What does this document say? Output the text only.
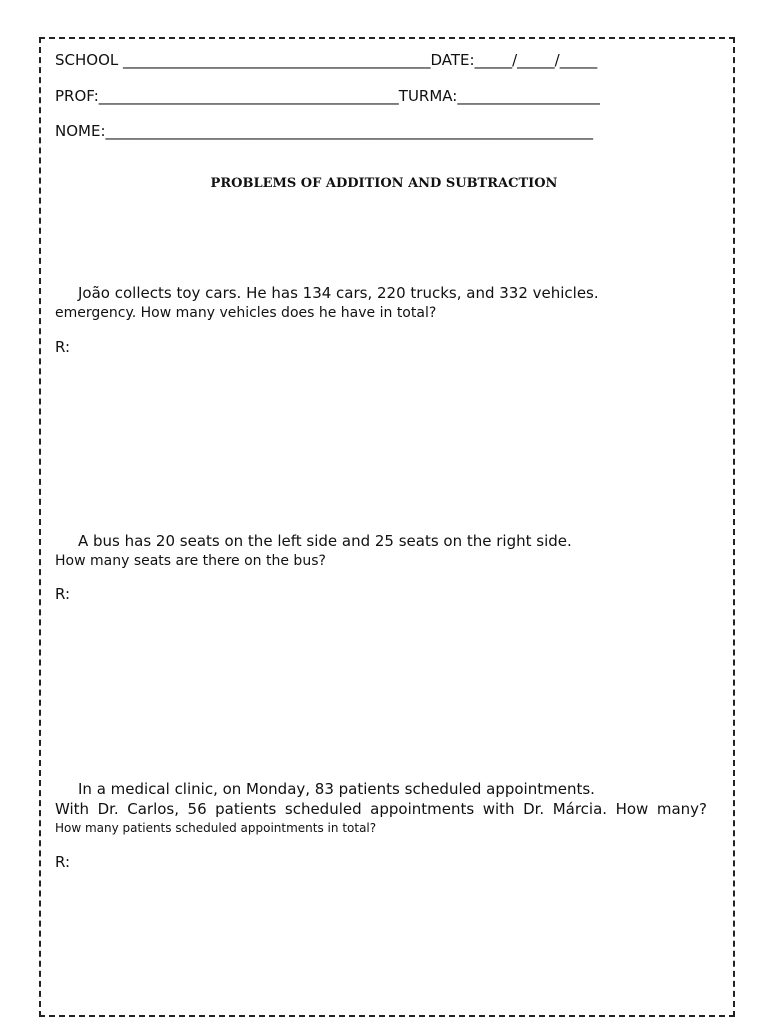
SCHOOL _________________________________________DATE:_____/_____/_____
PROF:________________________________________TURMA:___________________
NOME:_________________________________________________________________
PROBLEMS OF ADDITION AND SUBTRACTION
João collects toy cars. He has 134 cars, 220 trucks, and 332 vehicles.
emergency. How many vehicles does he have in total?
R:
A bus has 20 seats on the left side and 25 seats on the right side.
How many seats are there on the bus?
R:
In a medical clinic, on Monday, 83 patients scheduled appointments.
With Dr. Carlos, 56 patients scheduled appointments with Dr. Márcia. How many?
How many patients scheduled appointments in total?
R:
